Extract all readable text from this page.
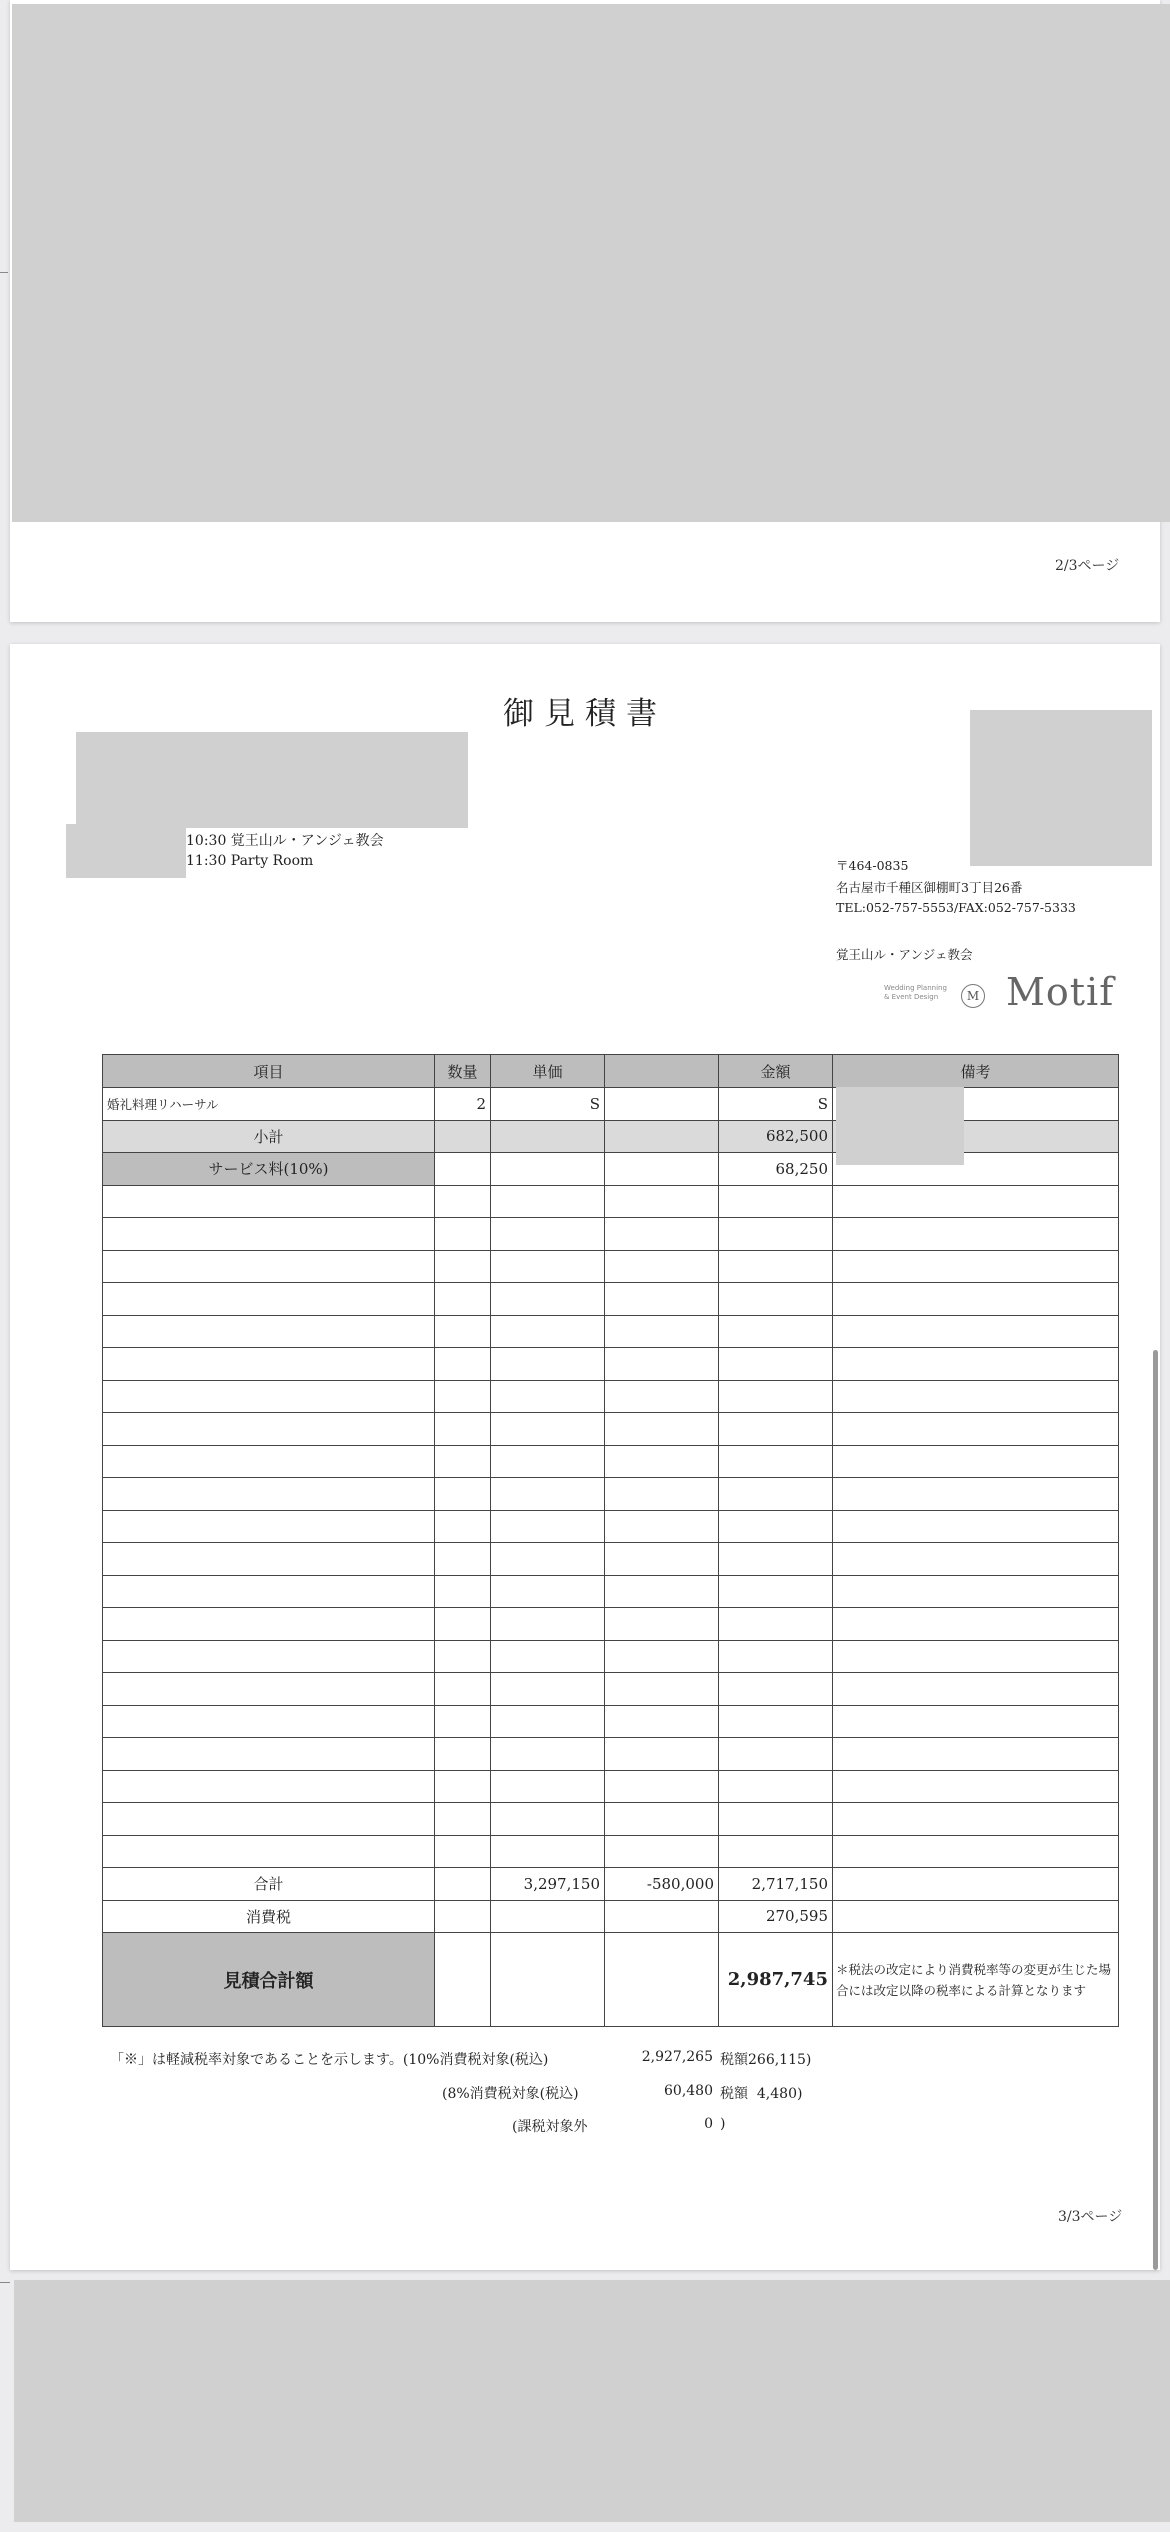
2/3ページ
御見積書
10:30 覚王山ル・アンジェ教会
11:30 Party Room	〒464-0835
名古屋市千種区御棚町3丁目26番
TEL:052-757-5553/FAX:052-757-5333
覚王山ル・アンジェ教会
Wedding Planning
& Event Design	M Motif
項目	数量	単価		金額	備考
婚礼料理リハーサル	2	S		S	
小計				682,500	
サービス料(10%)				68,250	

合計		3,297,150	-580,000	2,717,150	
消費税				270,595	
見積合計額				2,987,745	＊税法の改定により消費税率等の変更が生じた場合には改定以降の税率による計算となります
「※」は軽減税率対象であることを示します。(10%消費税対象(税込)	2,927,265 税額266,115)
(8%消費税対象(税込)	60,480 税額  4,480)
(課税対象外	0 )
3/3ページ
